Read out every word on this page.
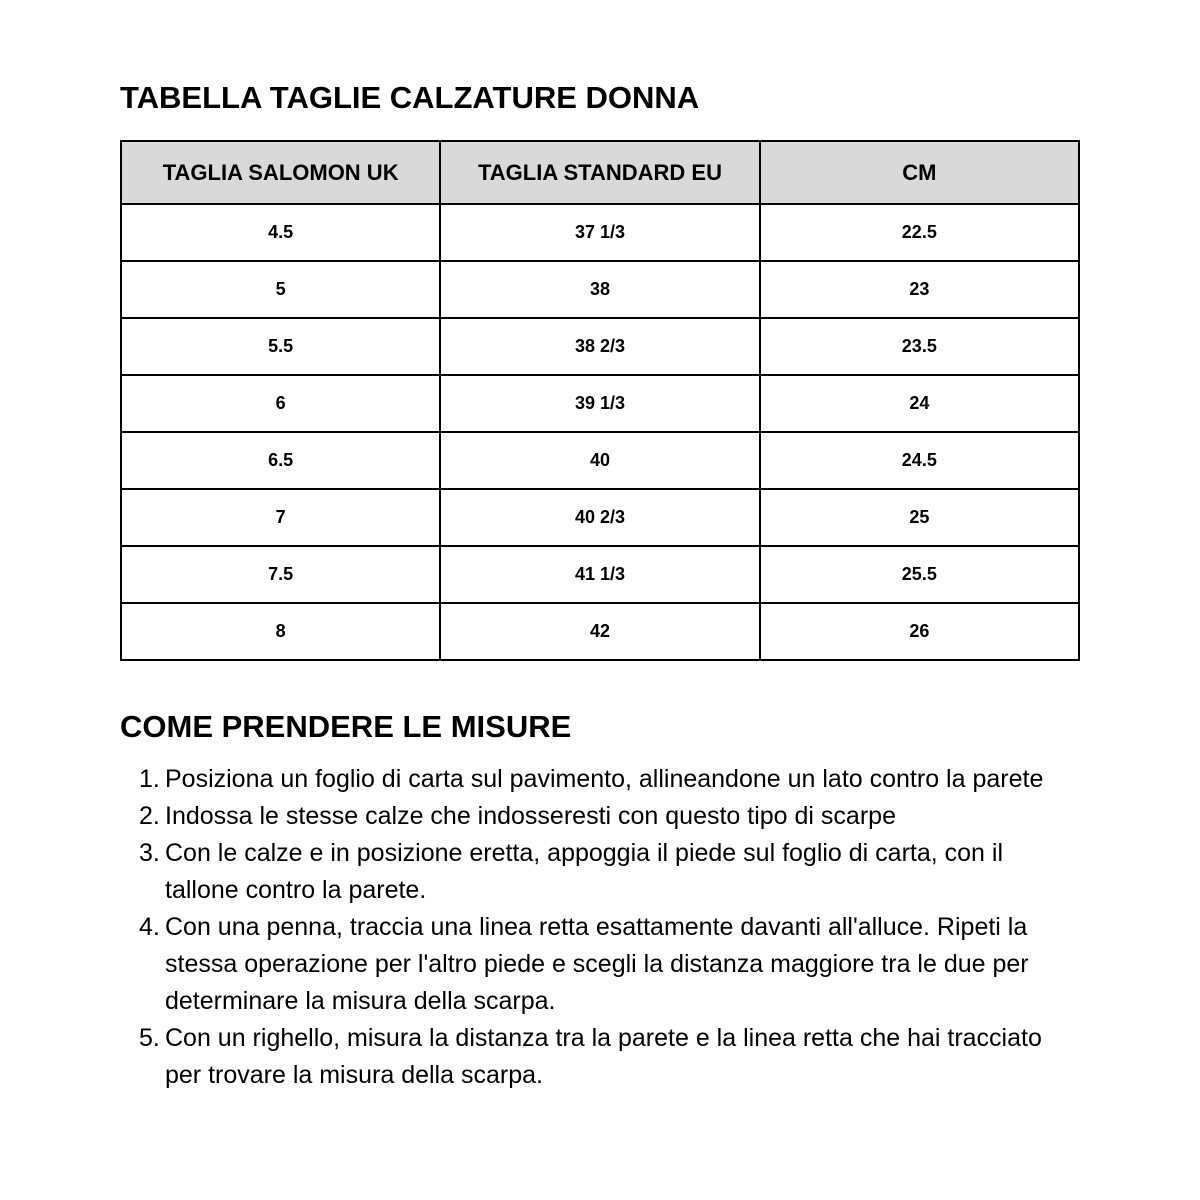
TABELLA TAGLIE CALZATURE DONNA
TAGLIA SALOMON UK	TAGLIA STANDARD EU	CM
4.5	37 1/3	22.5
5	38	23
5.5	38 2/3	23.5
6	39 1/3	24
6.5	40	24.5
7	40 2/3	25
7.5	41 1/3	25.5
8	42	26
COME PRENDERE LE MISURE
1. Posiziona un foglio di carta sul pavimento, allineandone un lato contro la parete
2. Indossa le stesse calze che indosseresti con questo tipo di scarpe
3. Con le calze e in posizione eretta, appoggia il piede sul foglio di carta, con il tallone contro la parete.
4. Con una penna, traccia una linea retta esattamente davanti all'alluce. Ripeti la stessa operazione per l'altro piede e scegli la distanza maggiore tra le due per determinare la misura della scarpa.
5. Con un righello, misura la distanza tra la parete e la linea retta che hai tracciato per trovare la misura della scarpa.
